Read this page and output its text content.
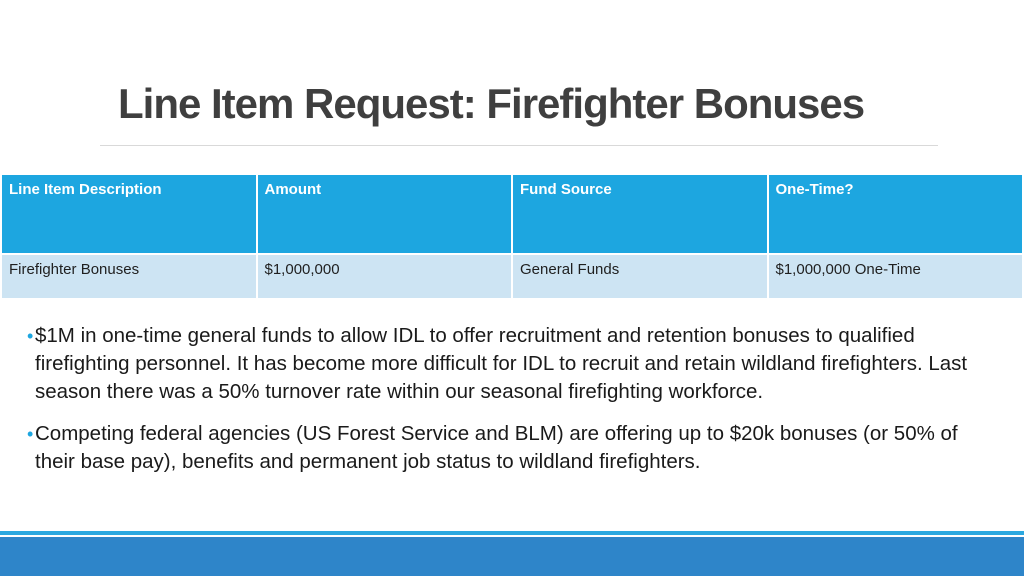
Line Item Request: Firefighter Bonuses
Line Item Description	Amount	Fund Source	One-Time?
Firefighter Bonuses	$1,000,000	General Funds	$1,000,000 One-Time
• $1M in one-time general funds to allow IDL to offer recruitment and retention bonuses to qualified firefighting personnel. It has become more difficult for IDL to recruit and retain wildland firefighters. Last season there was a 50% turnover rate within our seasonal firefighting workforce.
• Competing federal agencies (US Forest Service and BLM) are offering up to $20k bonuses (or 50% of their base pay), benefits and permanent job status to wildland firefighters.
